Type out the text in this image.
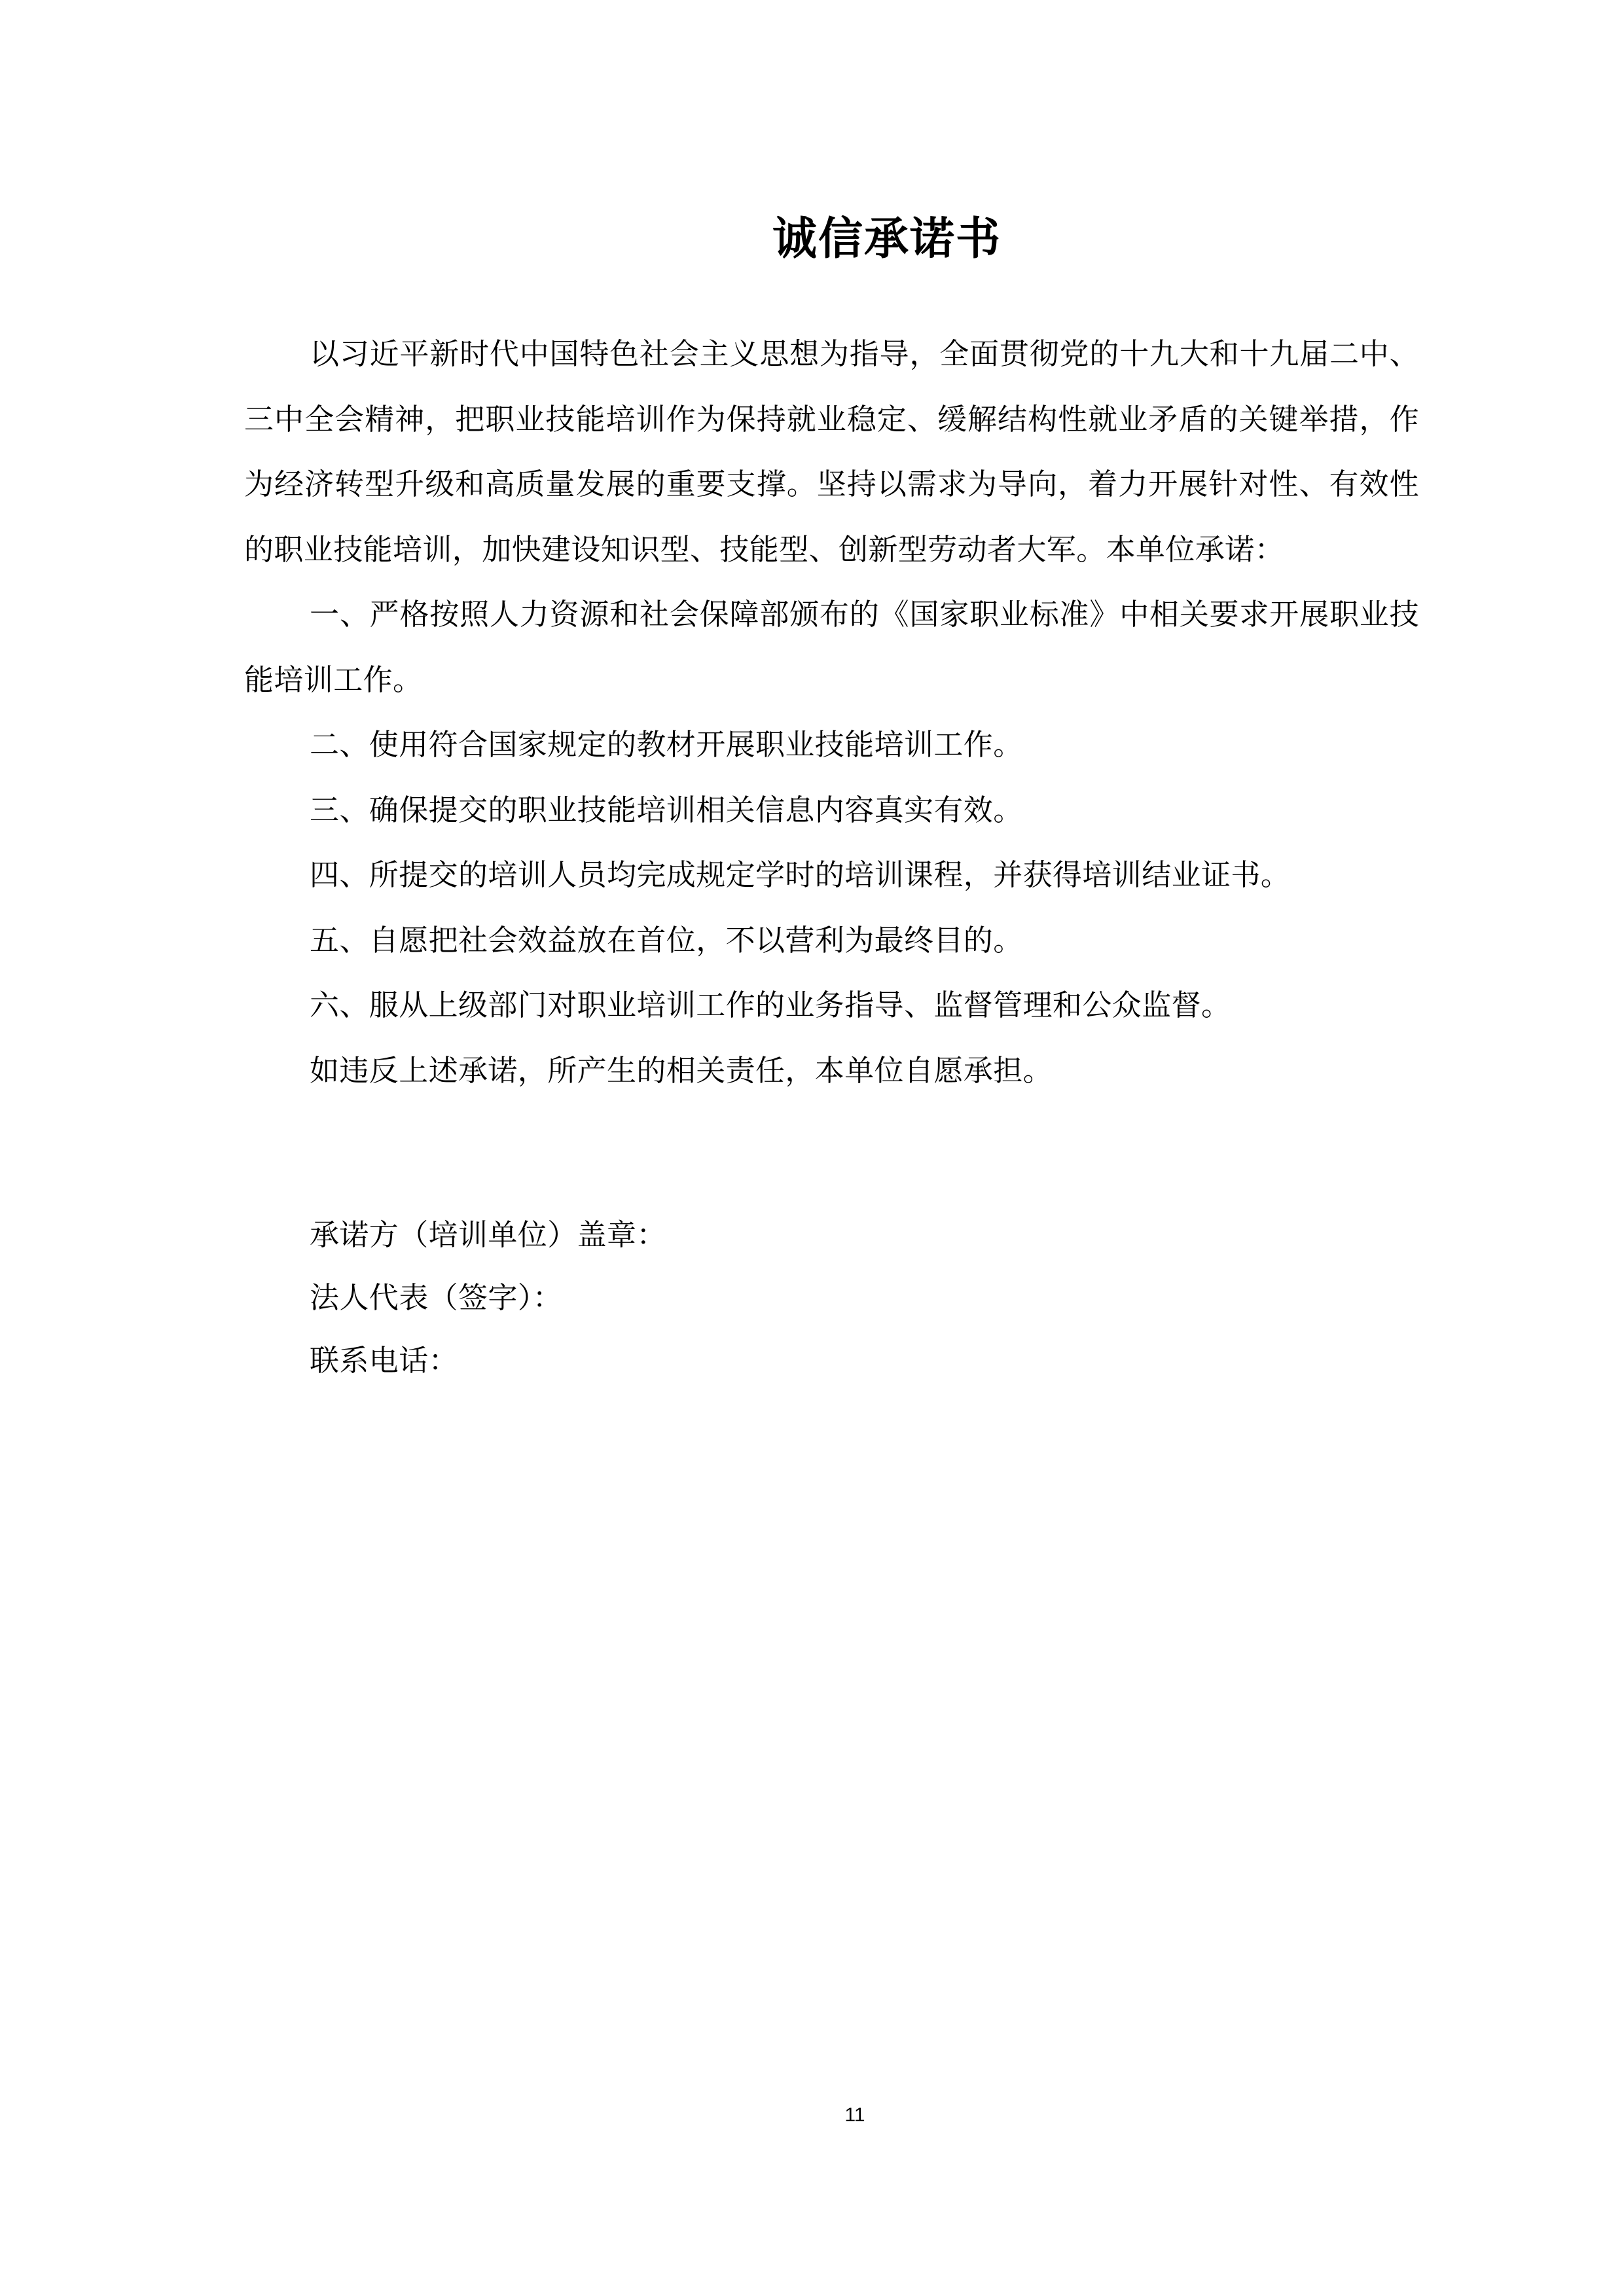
诚信承诺书

以习近平新时代中国特色社会主义思想为指导，全面贯彻党的十九大和十九届二中、三中全会精神，把职业技能培训作为保持就业稳定、缓解结构性就业矛盾的关键举措，作为经济转型升级和高质量发展的重要支撑。坚持以需求为导向，着力开展针对性、有效性的职业技能培训，加快建设知识型、技能型、创新型劳动者大军。本单位承诺：

一、严格按照人力资源和社会保障部颁布的《国家职业标准》中相关要求开展职业技能培训工作。

二、使用符合国家规定的教材开展职业技能培训工作。

三、确保提交的职业技能培训相关信息内容真实有效。

四、所提交的培训人员均完成规定学时的培训课程，并获得培训结业证书。

五、自愿把社会效益放在首位，不以营利为最终目的。

六、服从上级部门对职业培训工作的业务指导、监督管理和公众监督。

如违反上述承诺，所产生的相关责任，本单位自愿承担。

承诺方（培训单位）盖章：

法人代表（签字）：

联系电话：

11
